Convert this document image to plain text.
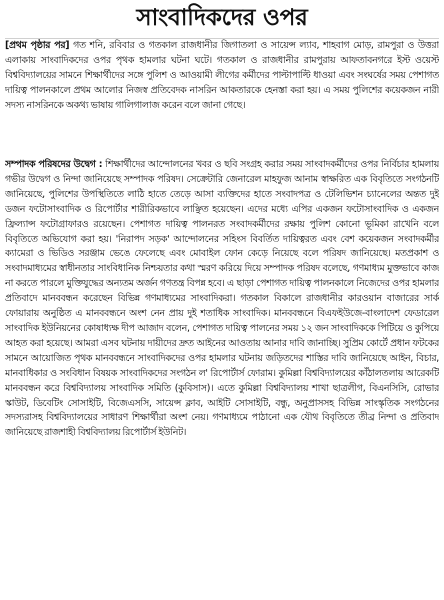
সাংবাদিকদের ওপর

[প্রথম পৃষ্ঠার পর] গত শনি, রবিবার ও গতকাল রাজধানীর জিগাতলা ও সায়েন্স ল্যাব, শাহবাগ মোড়, রামপুরা ও উত্তরা এলাকায় সাংবাদিকদের ওপর পৃথক হামলার ঘটনা ঘটে। গতকাল ও রাজধানীর রামপুরায় আফতাবনগরে ইস্ট ওয়েস্ট বিশ্ববিদ্যালয়ের সামনে শিক্ষার্থীদের সঙ্গে পুলিশ ও আওয়ামী লীগের কর্মীদের পাল্টাপাল্টি ধাওয়া এবং সংঘর্ষের সময় পেশাগত দায়িত্ব পালনকালে প্রথম আলোর নিজস্ব প্রতিবেদক নাসরিন আকতারকে হেনস্তা করা হয়। এ সময় পুলিশের কয়েকজন নারী সদস্য নাসরিনকে অকথ্য ভাষায় গালিগালাজ করেন বলে জানা গেছে।

সম্পাদক পরিষদের উদ্বেগ : শিক্ষার্থীদের আন্দোলনের খবর ও ছবি সংগ্রহ করার সময় সাংবাদকর্মীদের ওপর নির্বিচার হামলায় গভীর উদ্বেগ ও নিন্দা জানিয়েছে সম্পাদক পরিষদ। সেক্রেটারি জেনারেল মাহফুজ আনাম স্বাক্ষরিত এক বিবৃতিতে সংগঠনটি জানিয়েছে, পুলিশের উপস্থিতিতে লাঠি হাতে তেড়ে আসা ব্যক্তিদের হাতে সংবাদপত্র ও টেলিভিশন চ্যানেলের অন্তত দুই ডজন ফটোসাংবাদিক ও রিপোর্টার শারীরিকভাবে লাঞ্ছিত হয়েছেন। এদের মধ্যে এপির একজন ফটোসাংবাদিক ও একজন ফ্রিল্যান্স ফটোগ্রাফারও রয়েছেন। পেশাগত দায়িত্ব পালনরত সংবাদকর্মীদের রক্ষায় পুলিশ কোনো ভূমিকা রাখেনি বলে বিবৃতিতে অভিযোগ করা হয়। 'নিরাপদ সড়ক' আন্দোলনের সহিংস বিবর্তিত দায়িত্বরত এবং বেশ কয়েকজন সংবাদকর্মীর ক্যামেরা ও ভিডিও সরঞ্জাম ভেঙে ফেলেছে এবং মোবাইল ফোন কেড়ে নিয়েছে বলে পরিষদ জানিয়েছে। মতপ্রকাশ ও সংবাদমাধ্যমের স্বাধীনতার সাংবিধানিক নিশ্চয়তার কথা স্মরণ করিয়ে দিয়ে সম্পাদক পরিষদ বলেছে, গণমাধ্যম মুক্তভাবে কাজ না করতে পারলে মুক্তিযুদ্ধের অন্যতম অর্জন গণতন্ত্র বিপন্ন হবে। এ ছাড়া পেশাগত দায়িত্ব পালনকালে নিজেদের ওপর হামলার প্রতিবাদে মানববন্ধন করেছেন বিভিন্ন গণমাধ্যমের সাংবাদিকরা। গতকাল বিকালে রাজধানীর কারওয়ান বাজারের সার্ক ফোয়ারায় অনুষ্ঠিত এ মানববন্ধনে অংশ নেন প্রায় দুই শতাধিক সাংবাদিক। মানববন্ধনে বিএফইউজে-বাংলাদেশ ফেডারেল সাংবাদিক ইউনিয়নের কোষাধ্যক্ষ দীপ আজাদ বলেন, পেশাগত দায়িত্ব পালনের সময় ১২ জন সাংবাদিককে পিটিয়ে ও কুপিয়ে আহত করা হয়েছে। আমরা এসব ঘটনায় দায়ীদের দ্রুত আইনের আওতায় আনার দাবি জানাচ্ছি। সুপ্রিম কোর্টে প্রধান ফটকের সামনে আয়োজিত পৃথক মানববন্ধনে সাংবাদিকদের ওপর হামলার ঘটনায় জড়িতদের শাস্তির দাবি জানিয়েছে আইন, বিচার, মানবাধিকার ও সংবিধান বিষয়ক সাংবাদিকদের সংগঠন ল' রিপোর্টার্স ফোরাম। কুমিল্লা বিশ্ববিদ্যালয়ের কাঁঠালতলায় আরেকটি মানববন্ধন করে বিশ্ববিদ্যালয় সাংবাদিক সমিতি (কুবিসাস)। এতে কুমিল্লা বিশ্ববিদ্যালয় শাখা ছাত্রলীগ, বিএনসিসি, রোভার স্কাউট, ডিবেটিং সোসাইটি, বিজেএসসি, সায়েন্স ক্লাব, আইটি সোসাইটি, বন্ধু, অনুপ্রাসসহ বিভিন্ন সাংস্কৃতিক সংগঠনের সদস্যরাসহ বিশ্ববিদ্যালয়ের সাধারণ শিক্ষার্থীরা অংশ নেয়। গণমাধ্যমে পাঠানো এক যৌথ বিবৃতিতে তীব্র নিন্দা ও প্রতিবাদ জানিয়েছে রাজশাহী বিশ্ববিদ্যালয় রিপোর্টার্স ইউনিট।
